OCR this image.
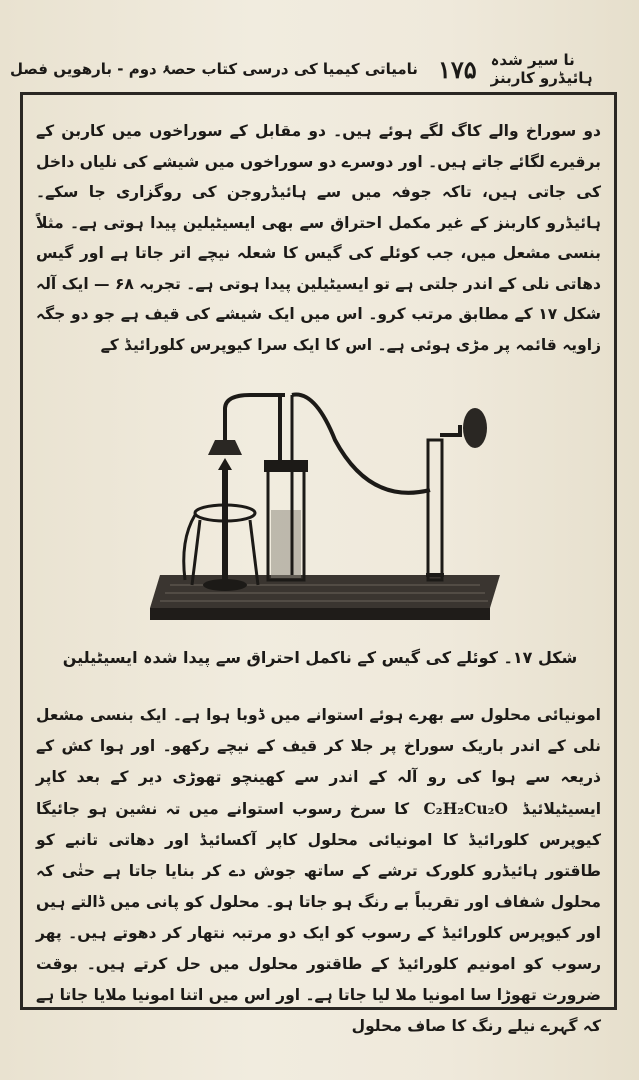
نامیاتی کیمیا کی درسی کتاب حصۂ دوم - بارھویں فصل ۱۷۵ نا سیر شدہ ہائیڈرو کاربنز
دو سوراخ والے کاگ لگے ہوئے ہیں۔ دو مقابل کے سوراخوں میں کاربن کے برقیرے لگائے جاتے ہیں۔ اور دوسرے دو سوراخوں میں شیشے کی نلیاں داخل کی جاتی ہیں، تاکہ جوفہ میں سے ہائیڈروجن کی روگزاری جا سکے۔ ہائیڈرو کاربنز کے غیر مکمل احتراق سے بھی ایسیٹیلین پیدا ہوتی ہے۔ مثلاً بنسی مشعل میں، جب کوئلے کی گیس کا شعلہ نیچے اتر جاتا ہے اور گیس دھاتی نلی کے اندر جلتی ہے تو ایسیٹیلین پیدا ہوتی ہے۔ تجربہ ۶۸ — ایک آلہ شکل ۱۷ کے مطابق مرتب کرو۔ اس میں ایک شیشے کی قیف ہے جو دو جگہ زاویہ قائمہ پر مڑی ہوئی ہے۔ اس کا ایک سرا کیوپرس کلورائیڈ کے
شکل ۱۷۔ کوئلے کی گیس کے ناکمل احتراق سے پیدا شدہ ایسیٹیلین
امونیائی محلول سے بھرے ہوئے استوانے میں ڈوبا ہوا ہے۔ ایک بنسی مشعل نلی کے اندر باریک سوراخ پر جلا کر قیف کے نیچے رکھو۔ اور ہوا کش کے ذریعہ سے ہوا کی رو آلہ کے اندر سے کھینچو تھوڑی دیر کے بعد کاپر ایسیٹیلائیڈ C₂H₂Cu₂O کا سرخ رسوب استوانے میں تہ نشین ہو جائیگا کیوپرس کلورائیڈ کا امونیائی محلول کاپر آکسائیڈ اور دھاتی تانبے کو طاقتور ہائیڈرو کلورک ترشے کے ساتھ جوش دے کر بنایا جاتا ہے حتٰی کہ محلول شفاف اور تقریباً بے رنگ ہو جاتا ہو۔ محلول کو پانی میں ڈالتے ہیں اور کیوپرس کلورائیڈ کے رسوب کو ایک دو مرتبہ نتھار کر دھوتے ہیں۔ پھر رسوب کو امونیم کلورائیڈ کے طاقتور محلول میں حل کرتے ہیں۔ بوقت ضرورت تھوڑا سا امونیا ملا لیا جاتا ہے۔ اور اس میں اتنا امونیا ملایا جاتا ہے کہ گہرے نیلے رنگ کا صاف محلول
